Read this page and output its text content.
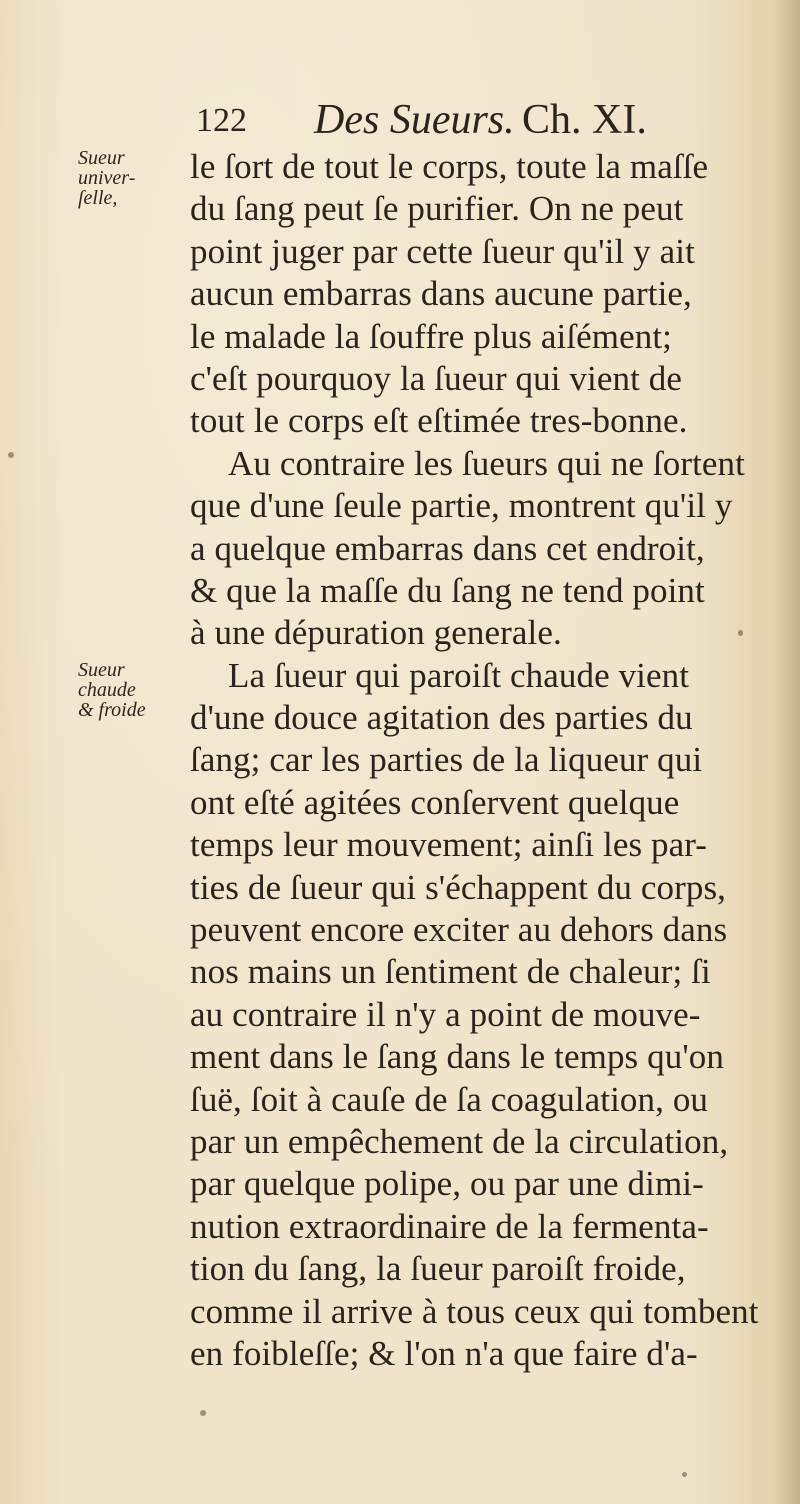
122 Des Sueurs. Ch. XI.
Sueur
univer-
ſelle,
Sueur
chaude
& froide
le ſort de tout le corps, toute la maſſe
du ſang peut ſe purifier. On ne peut
point juger par cette ſueur qu'il y ait
aucun embarras dans aucune partie,
le malade la ſouffre plus aiſément;
c'eſt pourquoy la ſueur qui vient de
tout le corps eſt eſtimée tres-bonne.
Au contraire les ſueurs qui ne ſortent
que d'une ſeule partie, montrent qu'il y
a quelque embarras dans cet endroit,
& que la maſſe du ſang ne tend point
à une dépuration generale.
La ſueur qui paroiſt chaude vient
d'une douce agitation des parties du
ſang; car les parties de la liqueur qui
ont eſté agitées conſervent quelque
temps leur mouvement; ainſi les par-
ties de ſueur qui s'échappent du corps,
peuvent encore exciter au dehors dans
nos mains un ſentiment de chaleur; ſi
au contraire il n'y a point de mouve-
ment dans le ſang dans le temps qu'on
ſuë, ſoit à cauſe de ſa coagulation, ou
par un empêchement de la circulation,
par quelque polipe, ou par une dimi-
nution extraordinaire de la fermenta-
tion du ſang, la ſueur paroiſt froide,
comme il arrive à tous ceux qui tombent
en foibleſſe; & l'on n'a que faire d'a-
